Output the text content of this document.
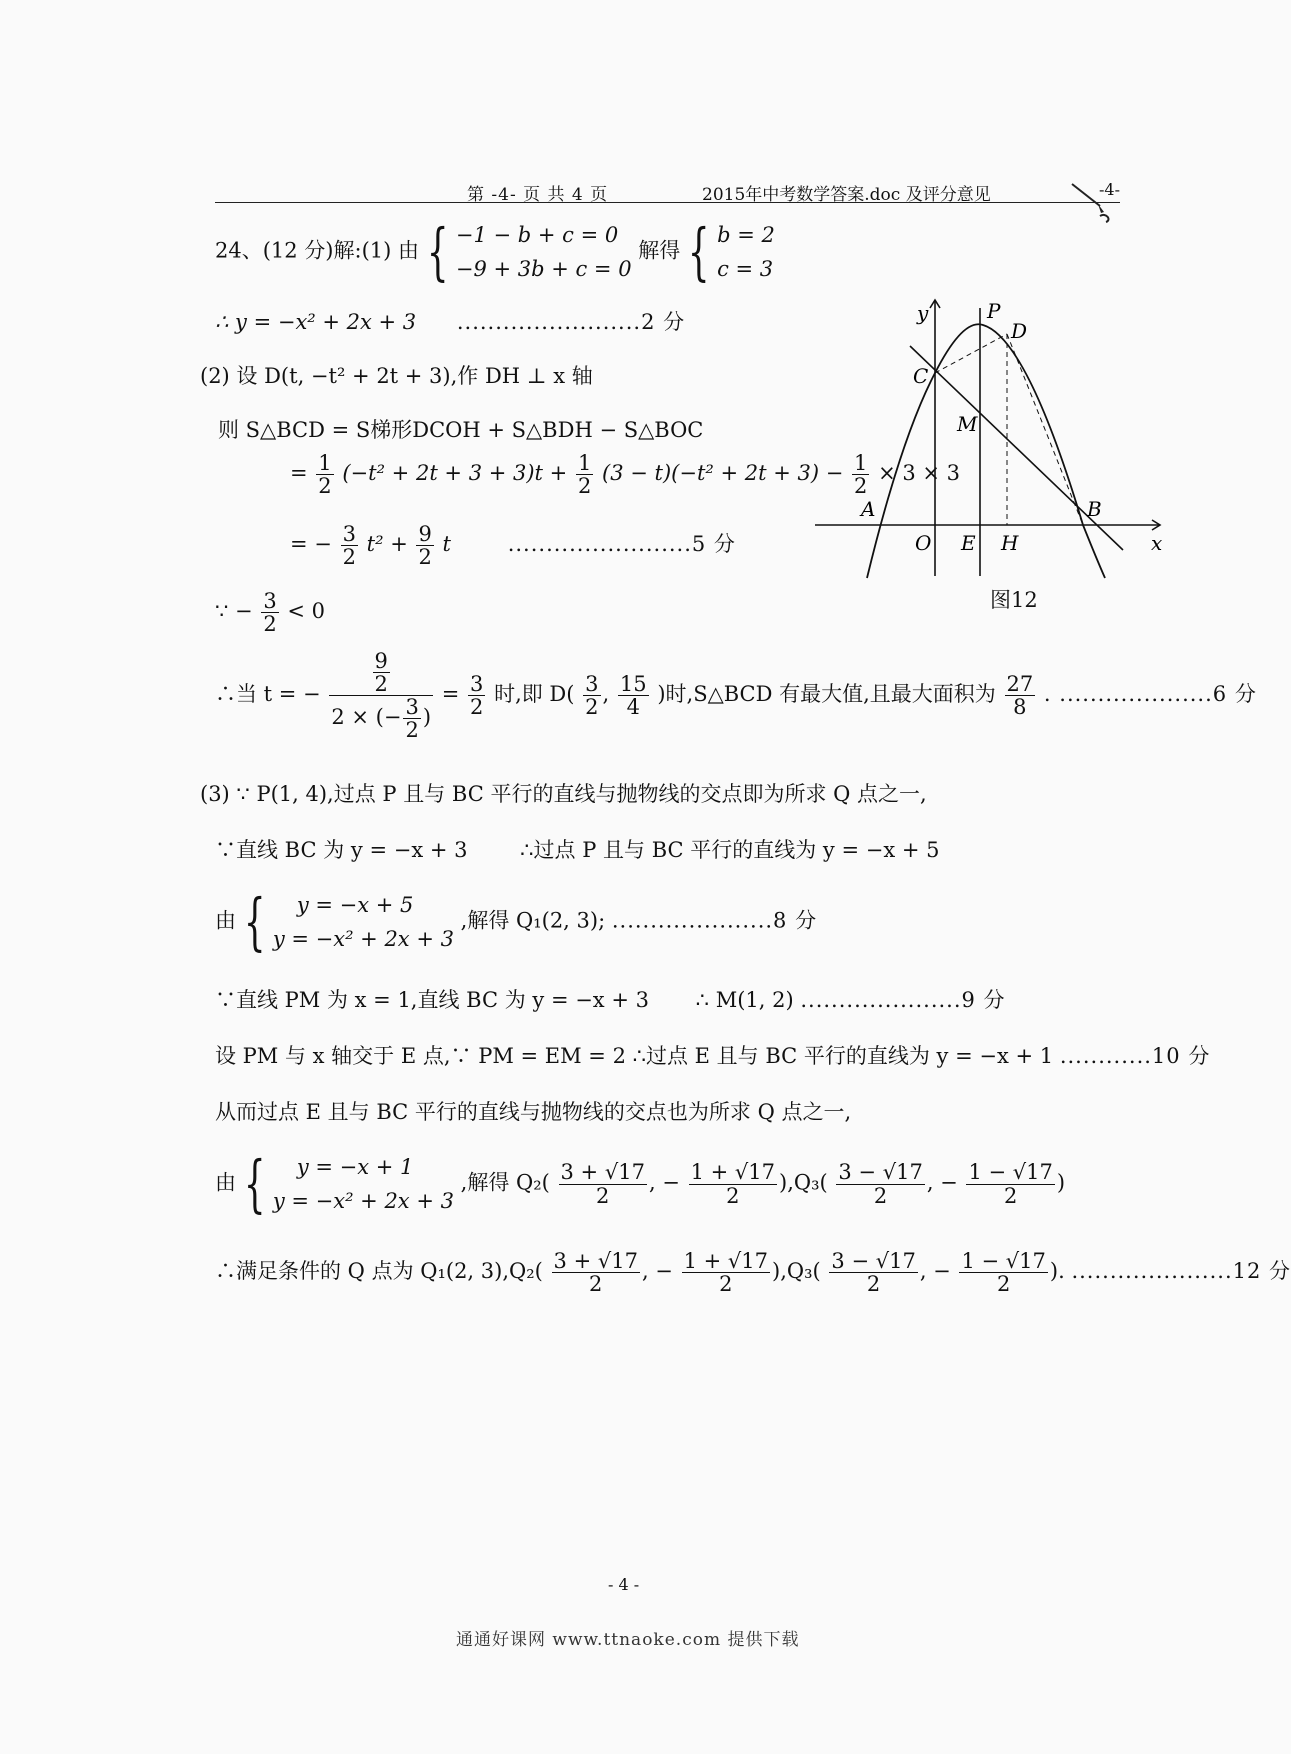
第 -4- 页 共 4 页	2015年中考数学答案.doc 及评分意见	-4-
24、(12 分)解:(1) 由 { −1 − b + c = 0
−9 + 3b + c = 0
解得 { b = 2
c = 3
∴ y = −x² + 2x + 3 ........................2 分
(2) 设 D(t, −t² + 2t + 3),作 DH ⊥ x 轴
则 S△BCD = S梯形DCOH + S△BDH − S△BOC
= $\frac{1}{2} (-t^2 + 2t + 3 + 3)t + \frac{1}{2} (3 - t)(-t^2 + 2t + 3) - \frac{1}{2} \times 3 \times 3$
= − $\frac{3}{2} t^2 + \frac{9}{2}$ t	........................5 分
∵ − $\frac{3}{2} < 0$
∴当 t = − $\frac{\frac{9}{2}}{2 \times (- \frac{3}{2} )} = \frac{3}{2}$ 时,即 $D( \frac{3}{2}$ , $\frac{15}{4}$ )时,S△BCD 有最大值,且最大面积为 $\frac{27}{8}$ . ....................6 分
(3) ∵ P(1, 4),过点 P 且与 BC 平行的直线与抛物线的交点即为所求 Q 点之一,
∵直线 BC 为 y = −x + 3	∴过点 P 且与 BC 平行的直线为 y = −x + 5
由 {	y = −x + 5
y = −x² + 2x + 3
,解得 Q₁(2, 3); .....................8 分
∵直线 PM 为 x = 1,直线 BC 为 y = −x + 3 ∴ M(1, 2) .....................9 分
设 PM 与 x 轴交于 E 点,∵ PM = EM = 2 ∴过点 E 且与 BC 平行的直线为 y = −x + 1 ............10 分
从而过点 E 且与 BC 平行的直线与抛物线的交点也为所求 Q 点之一,
由 {	y = −x + 1
y = −x² + 2x + 3
,解得 $Q_2( \frac{3 + √17}{2}$ , − $\frac{1 + √17}{2} ),Q_3( \frac{3 - √17}{2}$ , − $\frac{1 - √17}{2}$ )
∴满足条件的 Q 点为 Q₁(2, $3),Q_2( \frac{3 + √17}{2}$ , − $\frac{1 + √17}{2} ),Q_3( \frac{3 - √17}{2}$ , − $\frac{1 - √17}{2}$ ). .....................12 分
y
x
P
D
C
M
A	B
O E H
图12
- 4 -
通通好课网 www.ttnaoke.com 提供下载
